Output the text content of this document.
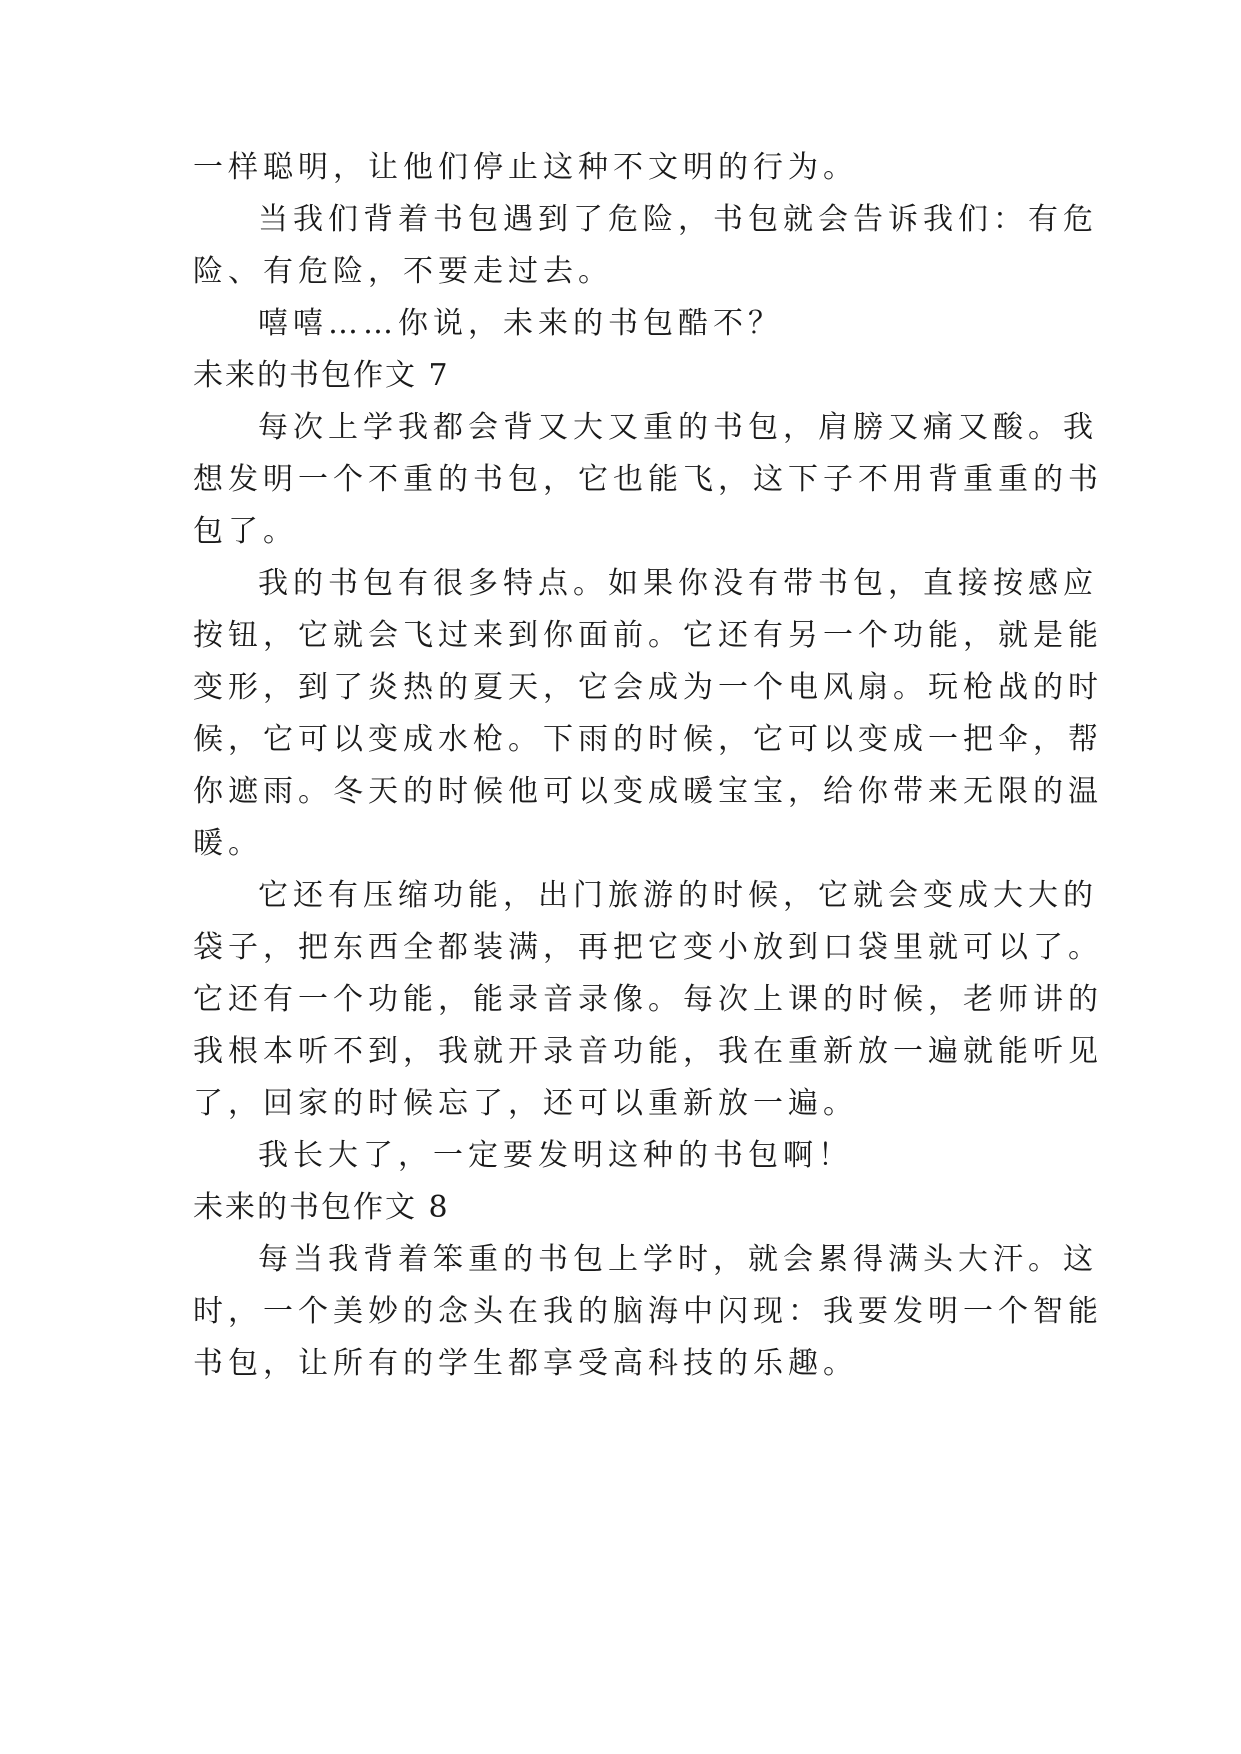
一样聪明，让他们停止这种不文明的行为。
当我们背着书包遇到了危险，书包就会告诉我们：有危
险、有危险，不要走过去。
嘻嘻……你说，未来的书包酷不？
未来的书包作文 7
每次上学我都会背又大又重的书包，肩膀又痛又酸。我
想发明一个不重的书包，它也能飞，这下子不用背重重的书
包了。
我的书包有很多特点。如果你没有带书包，直接按感应
按钮，它就会飞过来到你面前。它还有另一个功能，就是能
变形，到了炎热的夏天，它会成为一个电风扇。玩枪战的时
候，它可以变成水枪。下雨的时候，它可以变成一把伞，帮
你遮雨。冬天的时候他可以变成暖宝宝，给你带来无限的温
暖。
它还有压缩功能，出门旅游的时候，它就会变成大大的
袋子，把东西全都装满，再把它变小放到口袋里就可以了。
它还有一个功能，能录音录像。每次上课的时候，老师讲的
我根本听不到，我就开录音功能，我在重新放一遍就能听见
了，回家的时候忘了，还可以重新放一遍。
我长大了，一定要发明这种的书包啊！
未来的书包作文 8
每当我背着笨重的书包上学时，就会累得满头大汗。这
时，一个美妙的念头在我的脑海中闪现：我要发明一个智能
书包，让所有的学生都享受高科技的乐趣。
